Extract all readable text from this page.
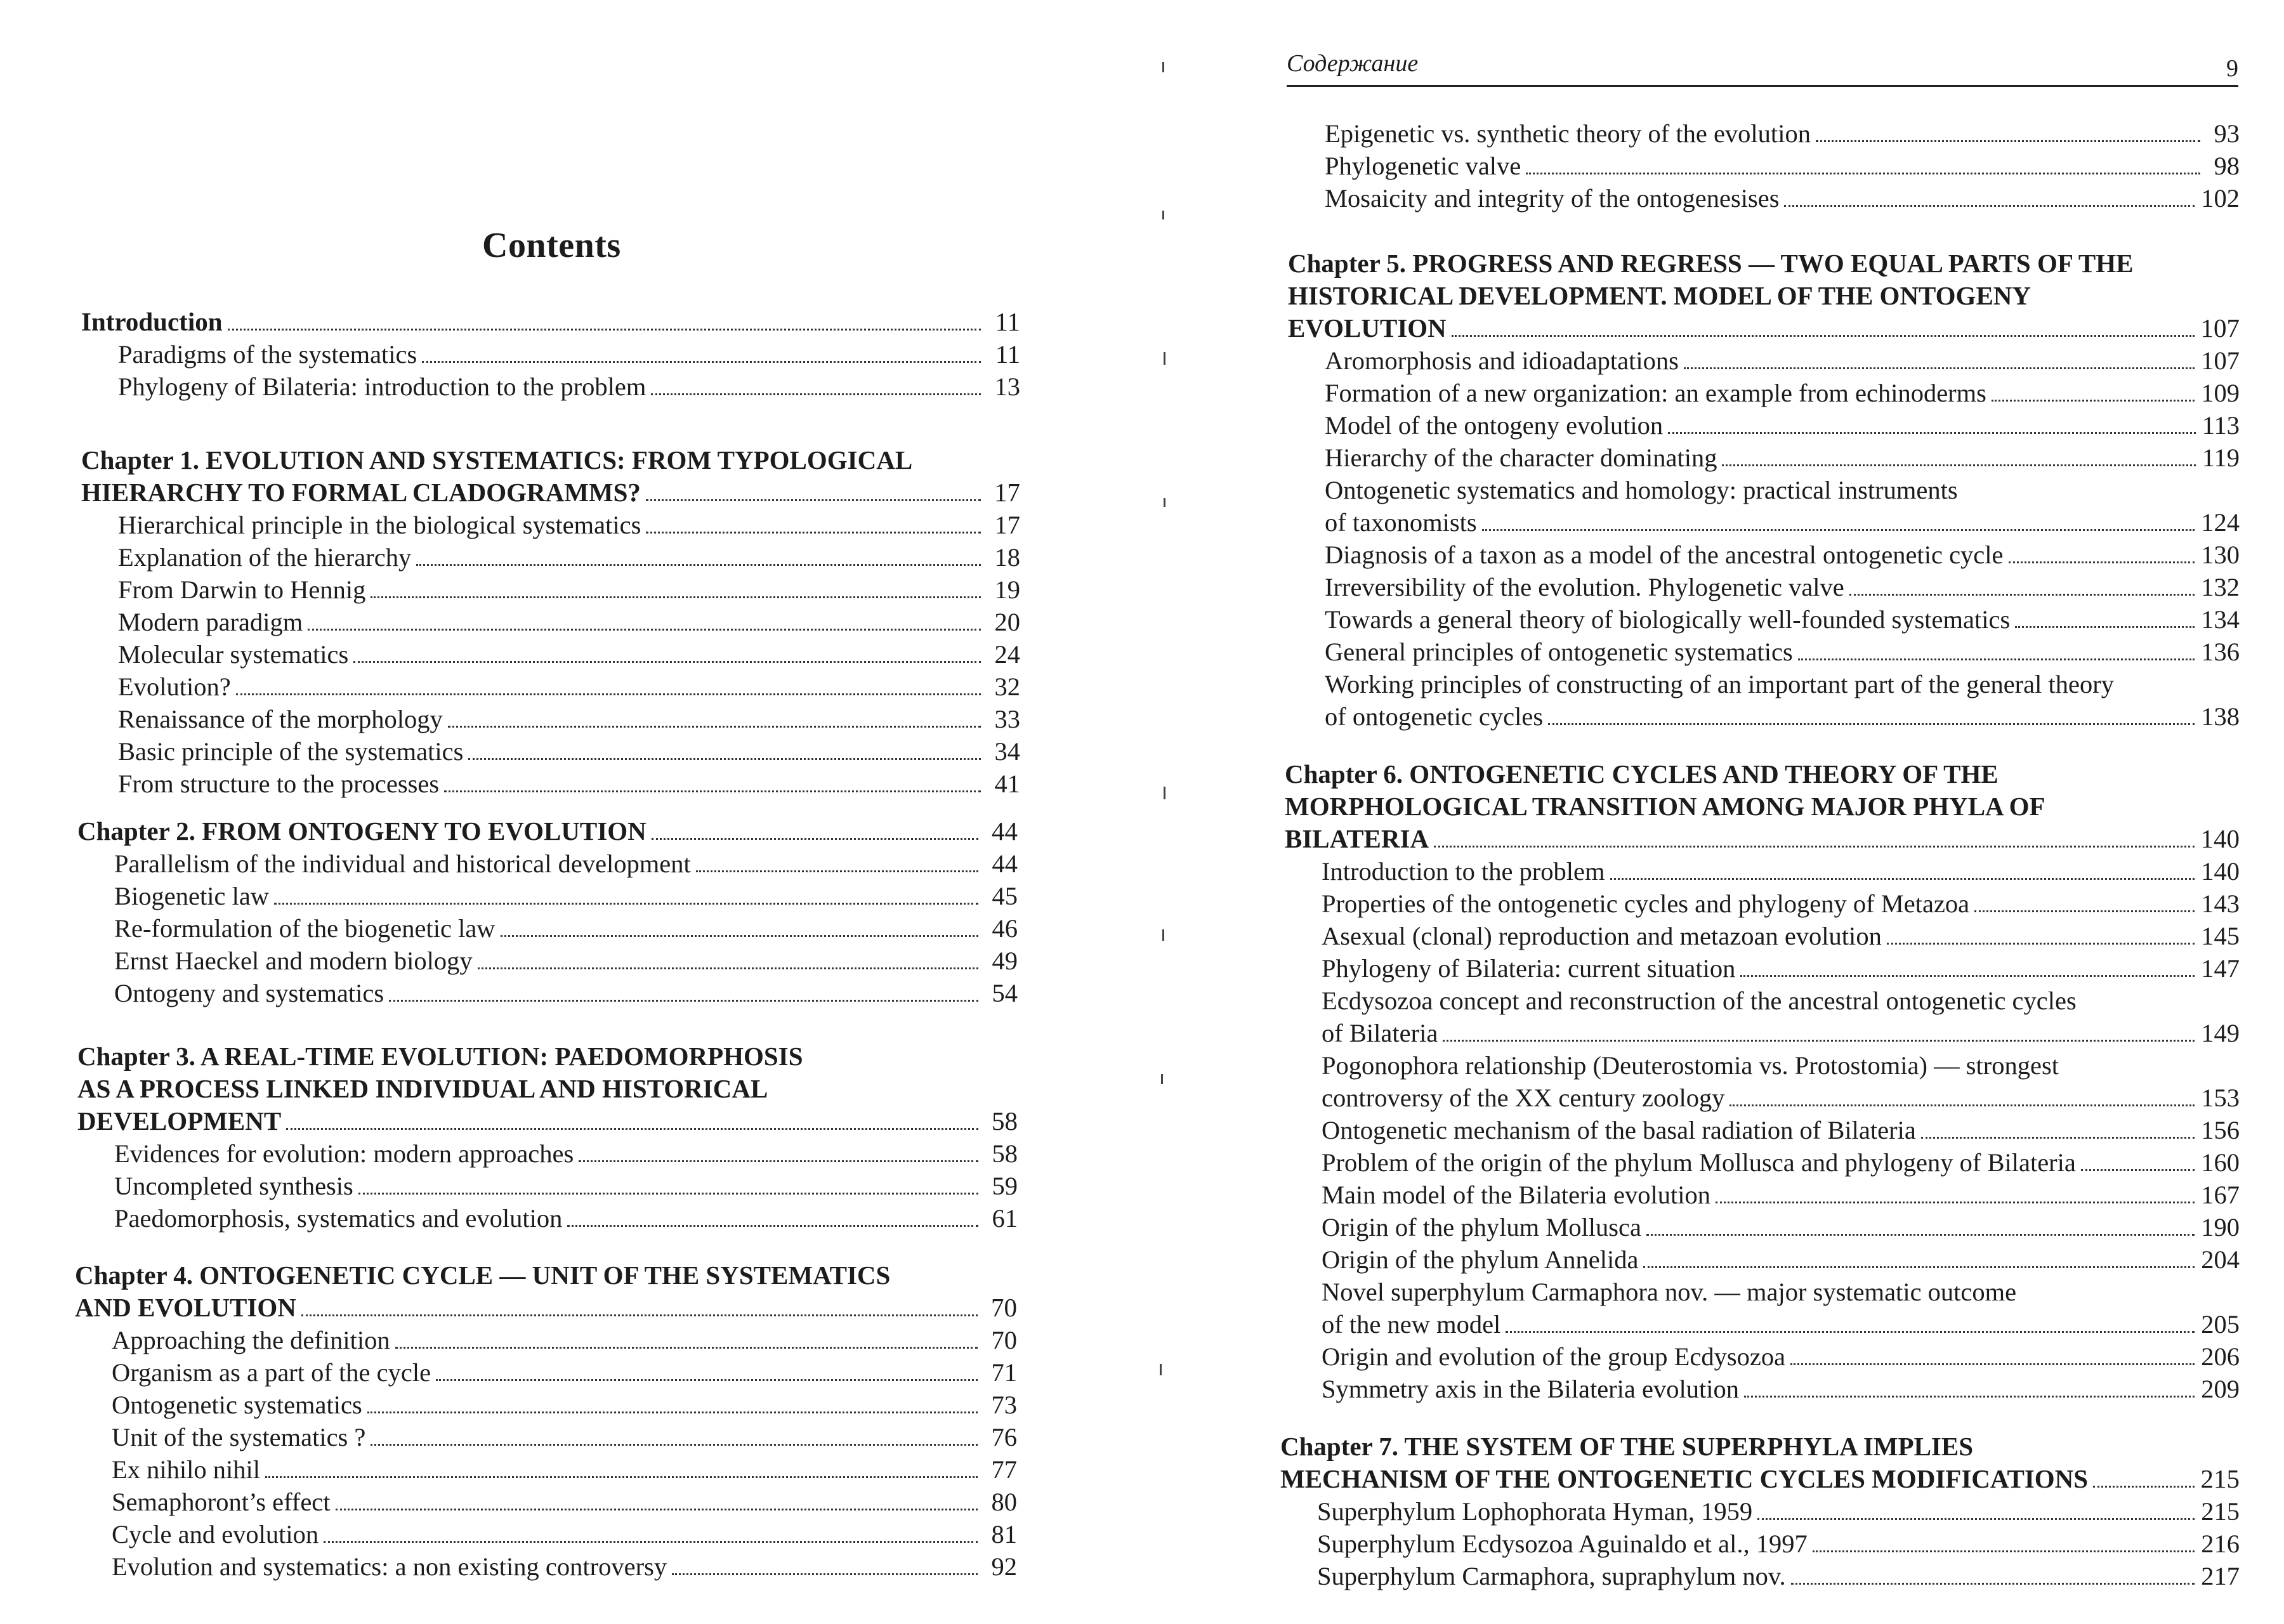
Contents
Introduction	11
Paradigms of the systematics	11
Phylogeny of Bilateria: introduction to the problem	13
Chapter 1. EVOLUTION AND SYSTEMATICS: FROM TYPOLOGICAL
HIERARCHY TO FORMAL CLADOGRAMMS?	17
Hierarchical principle in the biological systematics	17
Explanation of the hierarchy	18
From Darwin to Hennig	19
Modern paradigm	20
Molecular systematics	24
Evolution?	32
Renaissance of the morphology	33
Basic principle of the systematics	34
From structure to the processes	41
Chapter 2. FROM ONTOGENY TO EVOLUTION	44
Parallelism of the individual and historical development	44
Biogenetic law	45
Re-formulation of the biogenetic law	46
Ernst Haeckel and modern biology	49
Ontogeny and systematics	54
Chapter 3. A REAL-TIME EVOLUTION: PAEDOMORPHOSIS
AS A PROCESS LINKED INDIVIDUAL AND HISTORICAL
DEVELOPMENT	58
Evidences for evolution: modern approaches	58
Uncompleted synthesis	59
Paedomorphosis, systematics and evolution	61
Chapter 4. ONTOGENETIC CYCLE — UNIT OF THE SYSTEMATICS
AND EVOLUTION	70
Approaching the definition	70
Organism as a part of the cycle	71
Ontogenetic systematics	73
Unit of the systematics ?	76
Ex nihilo nihil	77
Semaphoront’s effect	80
Cycle and evolution	81
Evolution and systematics: a non existing controversy	92
Содержание	9
Epigenetic vs. synthetic theory of the evolution	93
Phylogenetic valve	98
Mosaicity and integrity of the ontogenesises	102
Chapter 5. PROGRESS AND REGRESS — TWO EQUAL PARTS OF THE
HISTORICAL DEVELOPMENT. MODEL OF THE ONTOGENY
EVOLUTION	107
Aromorphosis and idioadaptations	107
Formation of a new organization: an example from echinoderms	109
Model of the ontogeny evolution	113
Hierarchy of the character dominating	119
Ontogenetic systematics and homology: practical instruments
of taxonomists	124
Diagnosis of a taxon as a model of the ancestral ontogenetic cycle	130
Irreversibility of the evolution. Phylogenetic valve	132
Towards a general theory of biologically well-founded systematics	134
General principles of ontogenetic systematics	136
Working principles of constructing of an important part of the general theory
of ontogenetic cycles	138
Chapter 6. ONTOGENETIC CYCLES AND THEORY OF THE
MORPHOLOGICAL TRANSITION AMONG MAJOR PHYLA OF
BILATERIA	140
Introduction to the problem	140
Properties of the ontogenetic cycles and phylogeny of Metazoa	143
Asexual (clonal) reproduction and metazoan evolution	145
Phylogeny of Bilateria: current situation	147
Ecdysozoa concept and reconstruction of the ancestral ontogenetic cycles
of Bilateria	149
Pogonophora relationship (Deuterostomia vs. Protostomia) — strongest
controversy of the XX century zoology	153
Ontogenetic mechanism of the basal radiation of Bilateria	156
Problem of the origin of the phylum Mollusca and phylogeny of Bilateria	160
Main model of the Bilateria evolution	167
Origin of the phylum Mollusca	190
Origin of the phylum Annelida	204
Novel superphylum Carmaphora nov. — major systematic outcome
of the new model	205
Origin and evolution of the group Ecdysozoa	206
Symmetry axis in the Bilateria evolution	209
Chapter 7. THE SYSTEM OF THE SUPERPHYLA IMPLIES
MECHANISM OF THE ONTOGENETIC CYCLES MODIFICATIONS	215
Superphylum Lophophorata Hyman, 1959	215
Superphylum Ecdysozoa Aguinaldo et al., 1997	216
Superphylum Carmaphora, supraphylum nov.	217
